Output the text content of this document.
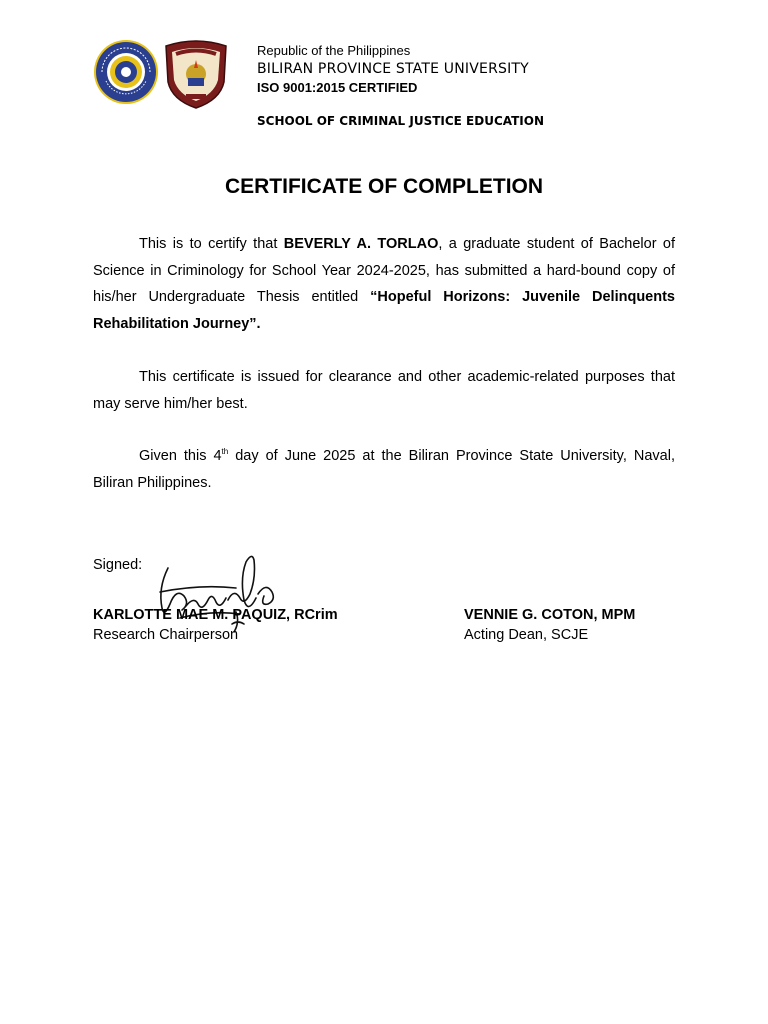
Republic of the Philippines
BILIRAN PROVINCE STATE UNIVERSITY
ISO 9001:2015 CERTIFIED
SCHOOL OF CRIMINAL JUSTICE EDUCATION
CERTIFICATE OF COMPLETION
This is to certify that BEVERLY A. TORLAO, a graduate student of Bachelor of Science in Criminology for School Year 2024-2025, has submitted a hard-bound copy of his/her Undergraduate Thesis entitled “Hopeful Horizons: Juvenile Delinquents Rehabilitation Journey”.
This certificate is issued for clearance and other academic-related purposes that may serve him/her best.
Given this 4th day of June 2025 at the Biliran Province State University, Naval, Biliran Philippines.
Signed:
KARLOTTE MAE M. PAQUIZ, RCrim
Research Chairperson
VENNIE G. COTON, MPM
Acting Dean, SCJE
